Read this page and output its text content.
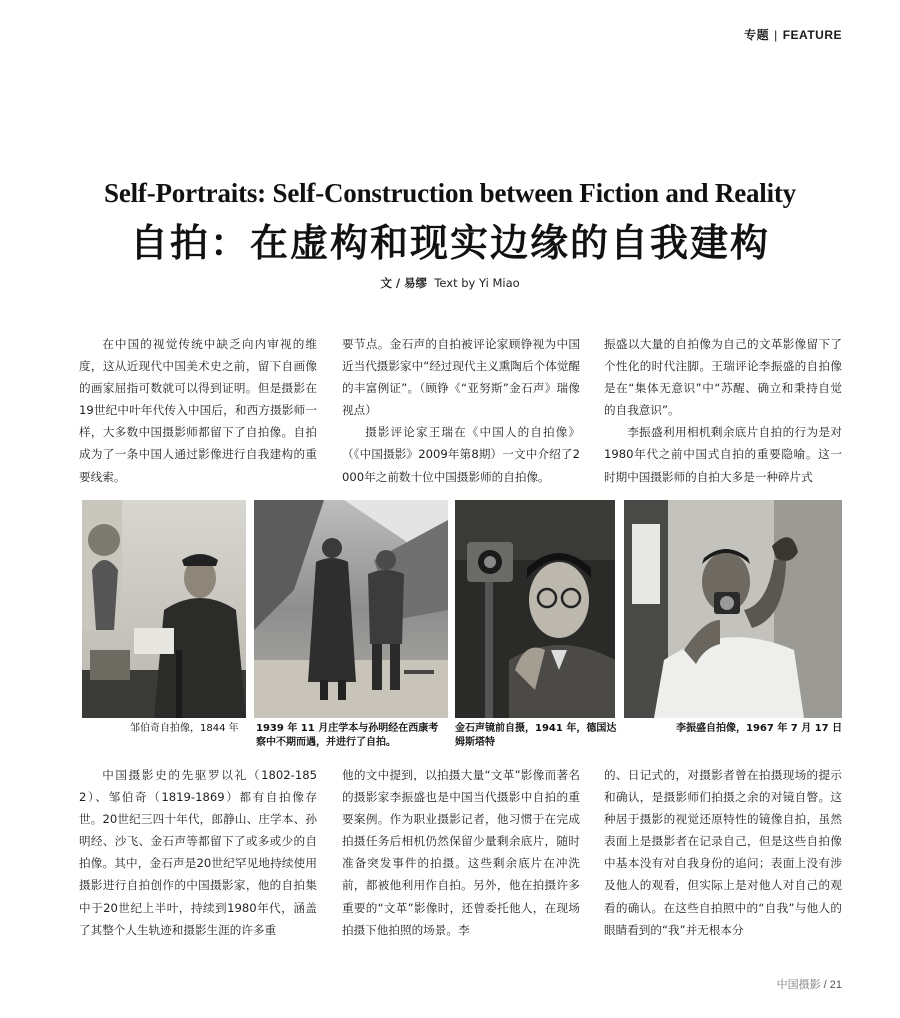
专题 | FEATURE
Self-Portraits: Self-Construction between Fiction and Reality
自拍：在虚构和现实边缘的自我建构
文 / 易缪 Text by Yi Miao

在中国的视觉传统中缺乏向内审视的维度，这从近现代中国美术史之前，留下自画像的画家屈指可数就可以得到证明。但是摄影在19世纪中叶年代传入中国后，和西方摄影师一样，大多数中国摄影师都留下了自拍像。自拍成为了一条中国人通过影像进行自我建构的重要线索。

要节点。金石声的自拍被评论家顾铮视为中国近当代摄影家中“经过现代主义熏陶后个体觉醒的丰富例证”。（顾铮《“亚努斯”金石声》瑞像视点）

摄影评论家王瑞在《中国人的自拍像》（《中国摄影》2009年第8期）一文中介绍了2000年之前数十位中国摄影师的自拍像。

振盛以大量的自拍像为自己的文革影像留下了个性化的时代注脚。王瑞评论李振盛的自拍像是在“集体无意识”中“苏醒、确立和秉持自觉的自我意识”。

李振盛利用相机剩余底片自拍的行为是对1980年代之前中国式自拍的重要隐喻。这一时期中国摄影师的自拍大多是一种碎片式

邹伯奇自拍像，1844 年 1939 年 11 月庄学本与孙明经在西康考察中不期而遇，并进行了自拍。
金石声镜前自摄，1941 年，德国达姆斯塔特
李振盛自拍像，1967 年 7 月 17 日

中国摄影史的先驱罗以礼（1802-1852）、邹伯奇（1819-1869）都有自拍像存世。20世纪三四十年代，郎静山、庄学本、孙明经、沙飞、金石声等都留下了或多或少的自拍像。其中，金石声是20世纪罕见地持续使用摄影进行自拍创作的中国摄影家，他的自拍集中于20世纪上半叶，持续到1980年代，涵盖了其整个人生轨迹和摄影生涯的许多重

他的文中提到，以拍摄大量“文革”影像而著名的摄影家李振盛也是中国当代摄影中自拍的重要案例。作为职业摄影记者，他习惯于在完成拍摄任务后相机仍然保留少量剩余底片，随时准备突发事件的拍摄。这些剩余底片在冲洗前，都被他利用作自拍。另外，他在拍摄许多重要的“文革”影像时，还曾委托他人，在现场拍摄下他拍照的场景。李

的、日记式的，对摄影者曾在拍摄现场的提示和确认，是摄影师们拍摄之余的对镜自瞥。这种居于摄影的视觉还原特性的镜像自拍，虽然表面上是摄影者在记录自己，但是这些自拍像中基本没有对自我身份的追问；表面上没有涉及他人的观看，但实际上是对他人对自己的观看的确认。在这些自拍照中的“自我”与他人的眼睛看到的“我”并无根本分

中国摄影 / 21
